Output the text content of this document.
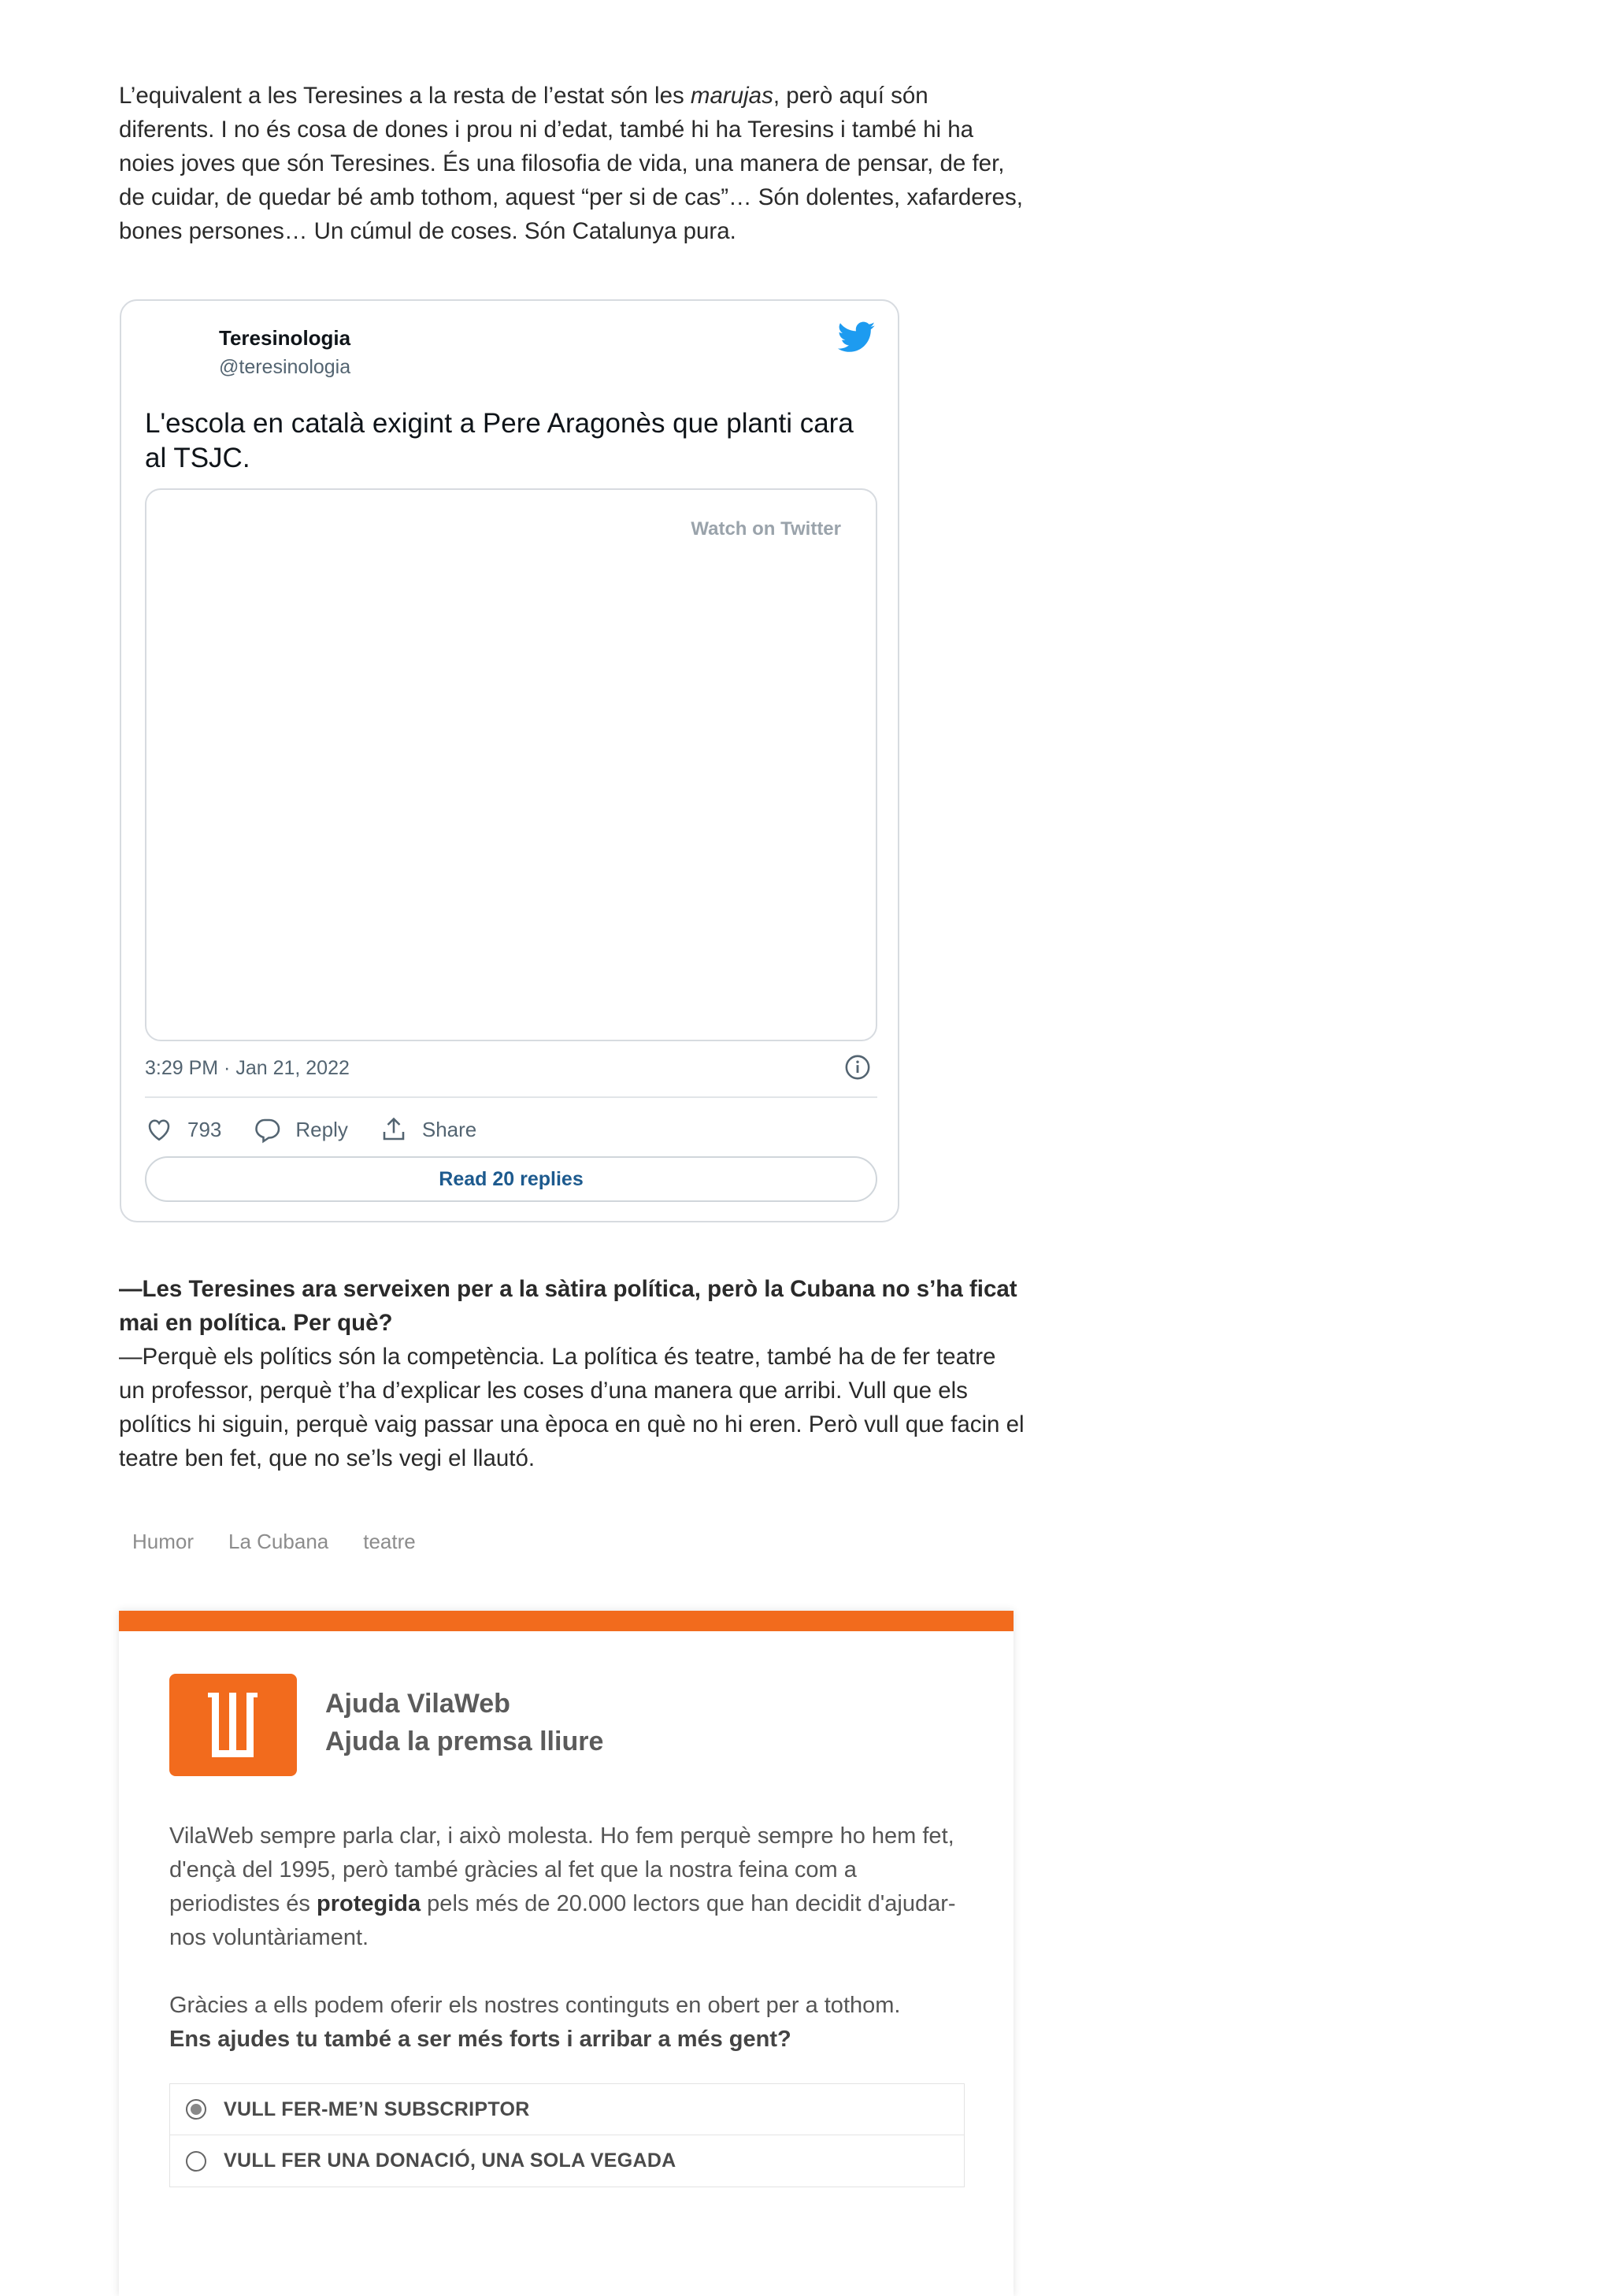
L’equivalent a les Teresines a la resta de l’estat són les marujas, però aquí són diferents. I no és cosa de dones i prou ni d’edat, també hi ha Teresins i també hi ha noies joves que són Teresines. És una filosofia de vida, una manera de pensar, de fer, de cuidar, de quedar bé amb tothom, aquest “per si de cas”… Són dolentes, xafarderes, bones persones… Un cúmul de coses. Són Catalunya pura.

Teresinologia
@teresinologia
L'escola en català exigint a Pere Aragonès que planti cara al TSJC.
Watch on Twitter
3:29 PM · Jan 21, 2022
793	Reply	Share
Read 20 replies

—Les Teresines ara serveixen per a la sàtira política, però la Cubana no s’ha ficat mai en política. Per què?
—Perquè els polítics són la competència. La política és teatre, també ha de fer teatre un professor, perquè t’ha d’explicar les coses d’una manera que arribi. Vull que els polítics hi siguin, perquè vaig passar una època en què no hi eren. Però vull que facin el teatre ben fet, que no se’ls vegi el llautó.

Humor La Cubana teatre
Ajuda VilaWeb
Ajuda la premsa lliure

VilaWeb sempre parla clar, i això molesta. Ho fem perquè sempre ho hem fet, d'ençà del 1995, però també gràcies al fet que la nostra feina com a periodistes és protegida pels més de 20.000 lectors que han decidit d'ajudar-nos voluntàriament.

Gràcies a ells podem oferir els nostres continguts en obert per a tothom.
Ens ajudes tu també a ser més forts i arribar a més gent?

VULL FER-ME’N SUBSCRIPTOR
VULL FER UNA DONACIÓ, UNA SOLA VEGADA
